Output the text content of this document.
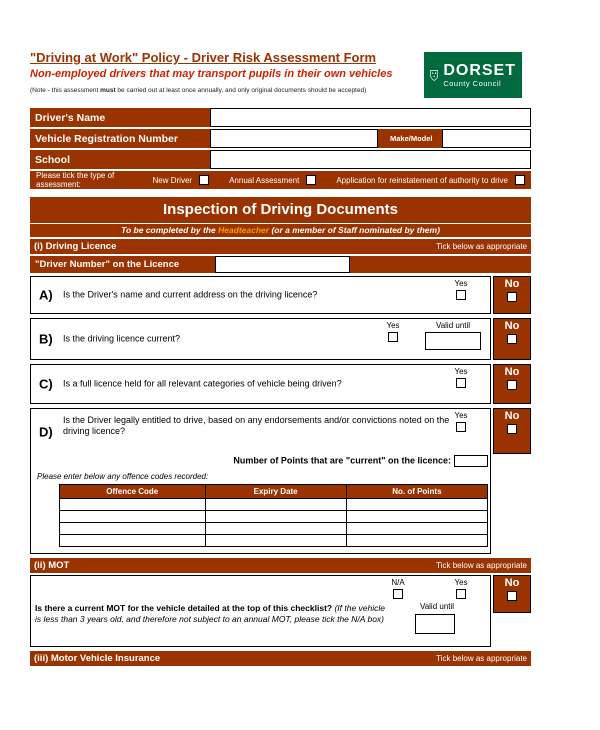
"Driving at Work" Policy - Driver Risk Assessment Form
Non-employed drivers that may transport pupils in their own vehicles
(Note - this assessment must be carried out at least once annually, and only original documents should be accepted)
DORSET
County Council
Driver's Name
Vehicle Registration Number	Make/Model
School
Please tick the type of assessment:	New Driver	Annual Assessment	Application for reinstatement of authority to drive
Inspection of Driving Documents
To be completed by the Headteacher (or a member of Staff nominated by them)
(i) Driving Licence	Tick below as appropriate
"Driver Number" on the Licence
A) Is the Driver's name and current address on the driving licence?
Yes	No
B) Is the driving licence current?
Yes	Valid until	No
C) Is a full licence held for all relevant categories of vehicle being driven?
Yes	No
D)
Is the Driver legally entitled to drive, based on any endorsements and/or convictions noted on the driving licence?
Yes
Number of Points that are "current" on the licence:
Please enter below any offence codes recorded:
Offence Code	Expiry Date	No. of Points

No
(ii) MOT	Tick below as appropriate
Is there a current MOT for the vehicle detailed at the top of this checklist? (If the vehicle is less than 3 years old, and therefore not subject to an annual MOT, please tick the N/A box)
N/A	Yes
Valid until
No
(iii) Motor Vehicle Insurance	Tick below as appropriate
